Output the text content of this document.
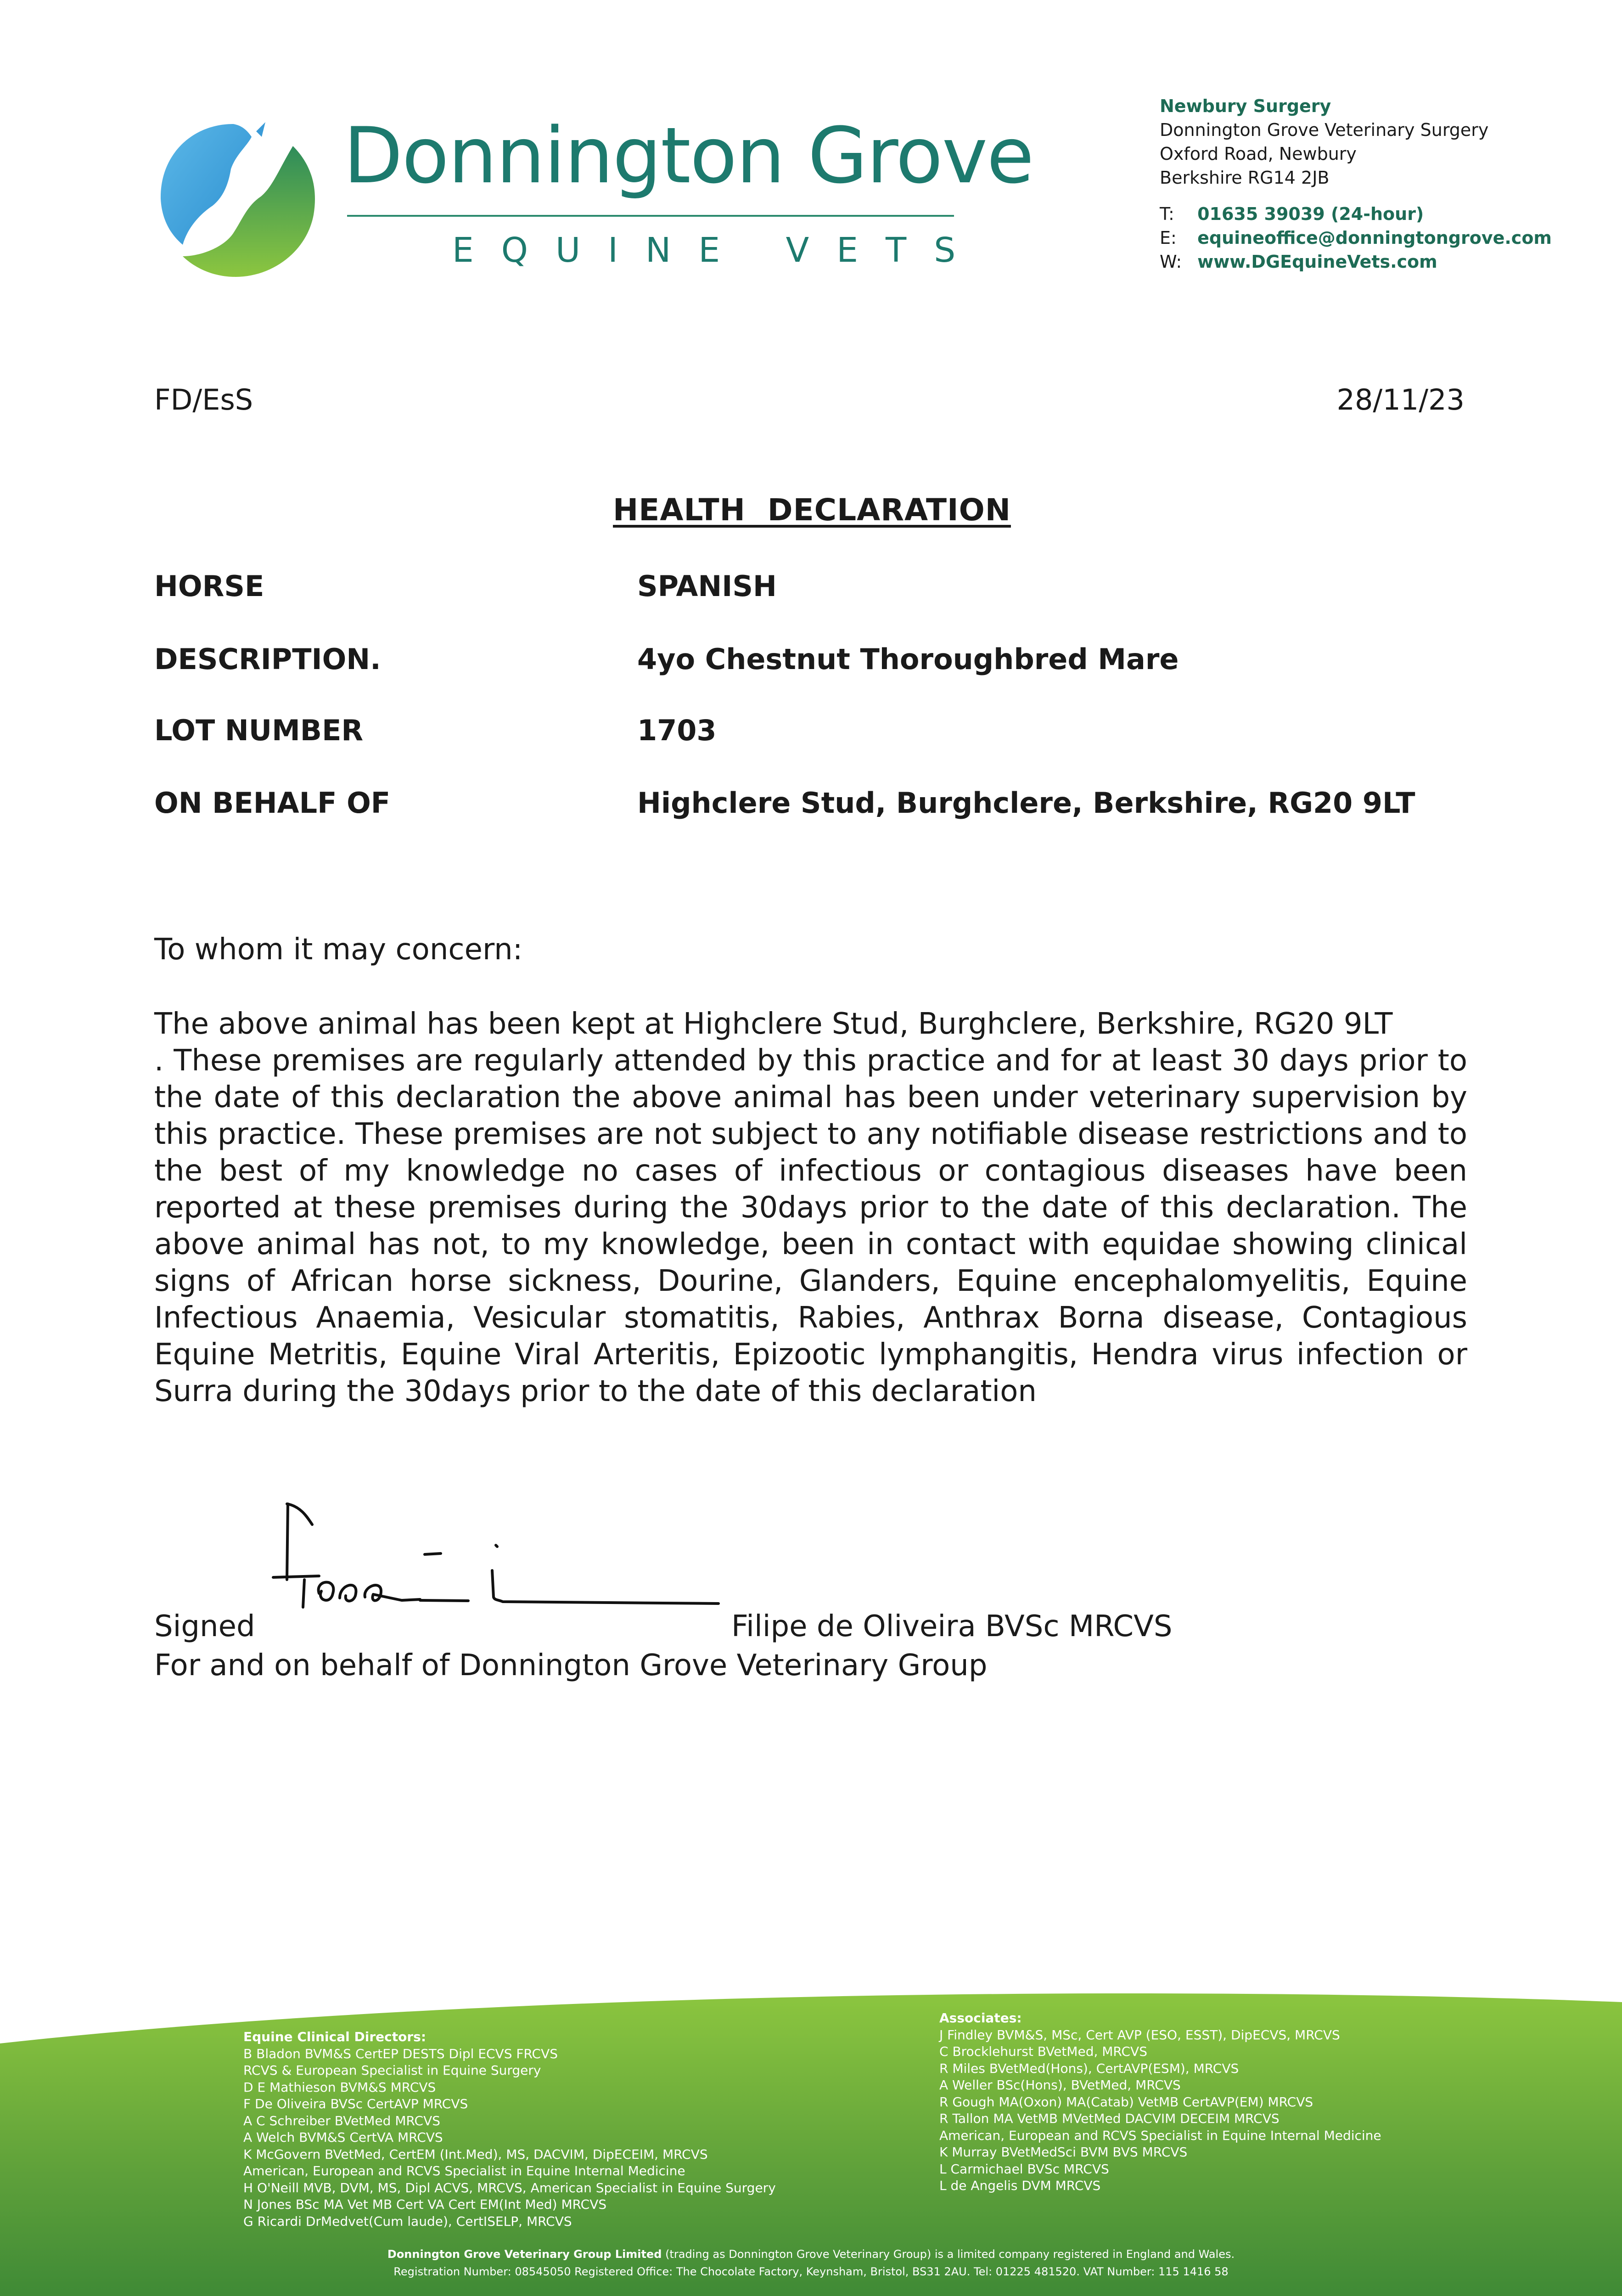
Donnington Grove
EQUINE VETS
Newbury Surgery
Donnington Grove Veterinary Surgery
Oxford Road, Newbury
Berkshire RG14 2JB
T: 01635 39039 (24-hour)
E: equineoffice@donningtongrove.com
W: www.DGEquineVets.com
FD/EsS	28/11/23
HEALTH  DECLARATION
HORSE	SPANISH
DESCRIPTION.	4yo Chestnut Thoroughbred Mare
LOT NUMBER	1703
ON BEHALF OF	Highclere Stud, Burghclere, Berkshire, RG20 9LT
To whom it may concern:
The above animal has been kept at Highclere Stud, Burghclere, Berkshire, RG20 9LT
. These premises are regularly attended by this practice and for at least 30 days prior to the date of this declaration the above animal has been under veterinary supervision by this practice. These premises are not subject to any notifiable disease restrictions and to the best of my knowledge no cases of infectious or contagious diseases have been reported at these premises during the 30days prior to the date of this declaration. The above animal has not, to my knowledge, been in contact with equidae showing clinical signs of African horse sickness, Dourine, Glanders, Equine encephalomyelitis, Equine Infectious Anaemia, Vesicular stomatitis, Rabies, Anthrax Borna disease, Contagious Equine Metritis, Equine Viral Arteritis, Epizootic lymphangitis, Hendra virus infection or Surra during the 30days prior to the date of this declaration
Signed	Filipe de Oliveira BVSc MRCVS
For and on behalf of Donnington Grove Veterinary Group
Equine Clinical Directors:
B Bladon BVM&S CertEP DESTS Dipl ECVS FRCVS
RCVS & European Specialist in Equine Surgery
D E Mathieson BVM&S MRCVS
F De Oliveira BVSc CertAVP MRCVS
A C Schreiber BVetMed MRCVS
A Welch BVM&S CertVA MRCVS
K McGovern BVetMed, CertEM (Int.Med), MS, DACVIM, DipECEIM, MRCVS
American, European and RCVS Specialist in Equine Internal Medicine
H O'Neill MVB, DVM, MS, Dipl ACVS, MRCVS, American Specialist in Equine Surgery
N Jones BSc MA Vet MB Cert VA Cert EM(Int Med) MRCVS
G Ricardi DrMedvet(Cum laude), CertISELP, MRCVS
Associates:
J Findley BVM&S, MSc, Cert AVP (ESO, ESST), DipECVS, MRCVS
C Brocklehurst BVetMed, MRCVS
R Miles BVetMed(Hons), CertAVP(ESM), MRCVS
A Weller BSc(Hons), BVetMed, MRCVS
R Gough MA(Oxon) MA(Catab) VetMB CertAVP(EM) MRCVS
R Tallon MA VetMB MVetMed DACVIM DECEIM MRCVS
American, European and RCVS Specialist in Equine Internal Medicine
K Murray BVetMedSci BVM BVS MRCVS
L Carmichael BVSc MRCVS
L de Angelis DVM MRCVS
Donnington Grove Veterinary Group Limited (trading as Donnington Grove Veterinary Group) is a limited company registered in England and Wales.
Registration Number: 08545050 Registered Office: The Chocolate Factory, Keynsham, Bristol, BS31 2AU. Tel: 01225 481520. VAT Number: 115 1416 58
